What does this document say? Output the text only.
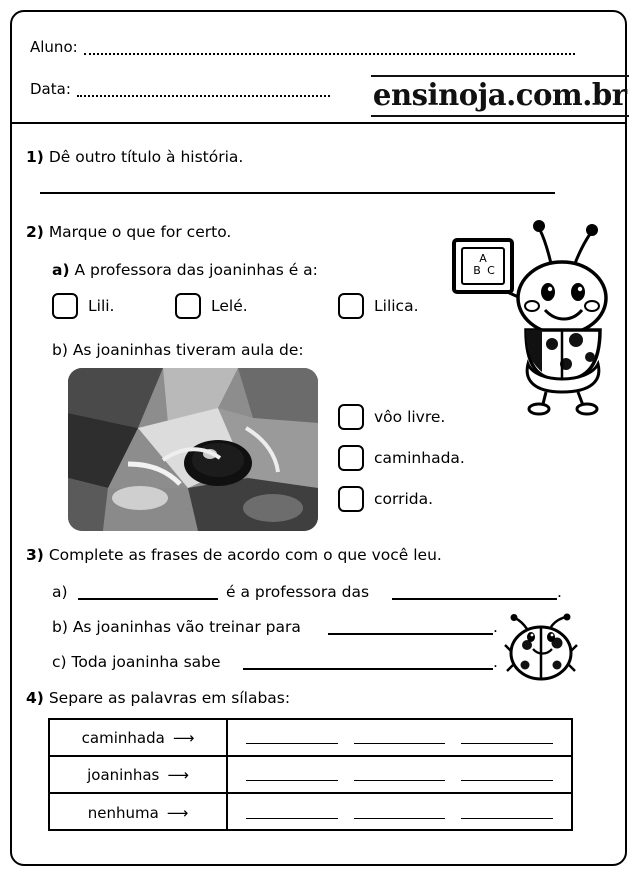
Aluno:
Data:	ensinoja.com.br
1) Dê outro título à história.
2) Marque o que for certo.
a) A professora das joaninhas é a:
Lili.	Lelé.	Lilica.
b) As joaninhas tiveram aula de:
vôo livre.
caminhada.
corrida.
3) Complete as frases de acordo com o que você leu.
a)	é a professora das	.
b) As joaninhas vão treinar para	.
c) Toda joaninha sabe	.
4) Separe as palavras em sílabas:
caminhada ⟶
joaninhas ⟶
nenhuma ⟶
A
B C
